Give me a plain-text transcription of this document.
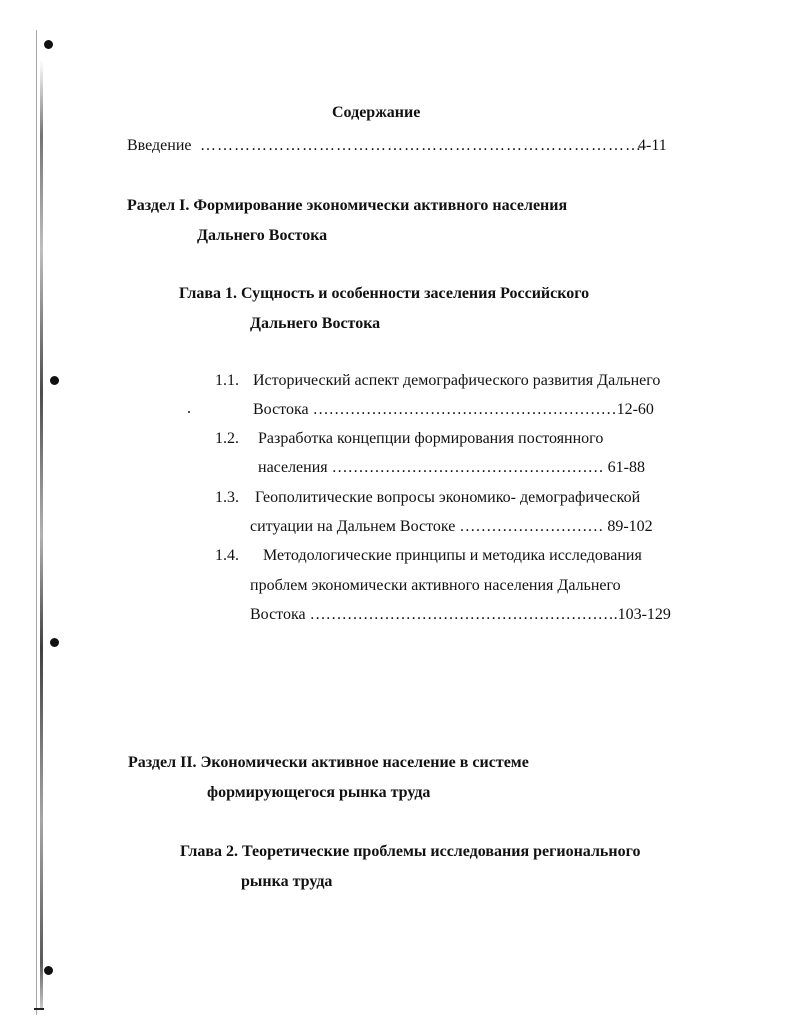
Содержание
Введение ……………………………………………………………………
4-11
Раздел I. Формирование экономически активного населения
Дальнего Востока
Глава 1. Сущность и особенности заселения Российского
Дальнего Востока
1.1. Исторический аспект демографического развития Дальнего
Востока …………………………………………………12-60
1.2. Разработка концепции формирования постоянного
населения …………………………………………… 61-88
1.3. Геополитические вопросы экономико- демографической
ситуации на Дальнем Востоке ……………………… 89-102
1.4. Методологические принципы и методика исследования
проблем экономически активного населения Дальнего
Востока ………………………………………………….103-129
Раздел II. Экономически активное население в системе
формирующегося рынка труда
Глава 2. Теоретические проблемы исследования регионального
рынка труда
